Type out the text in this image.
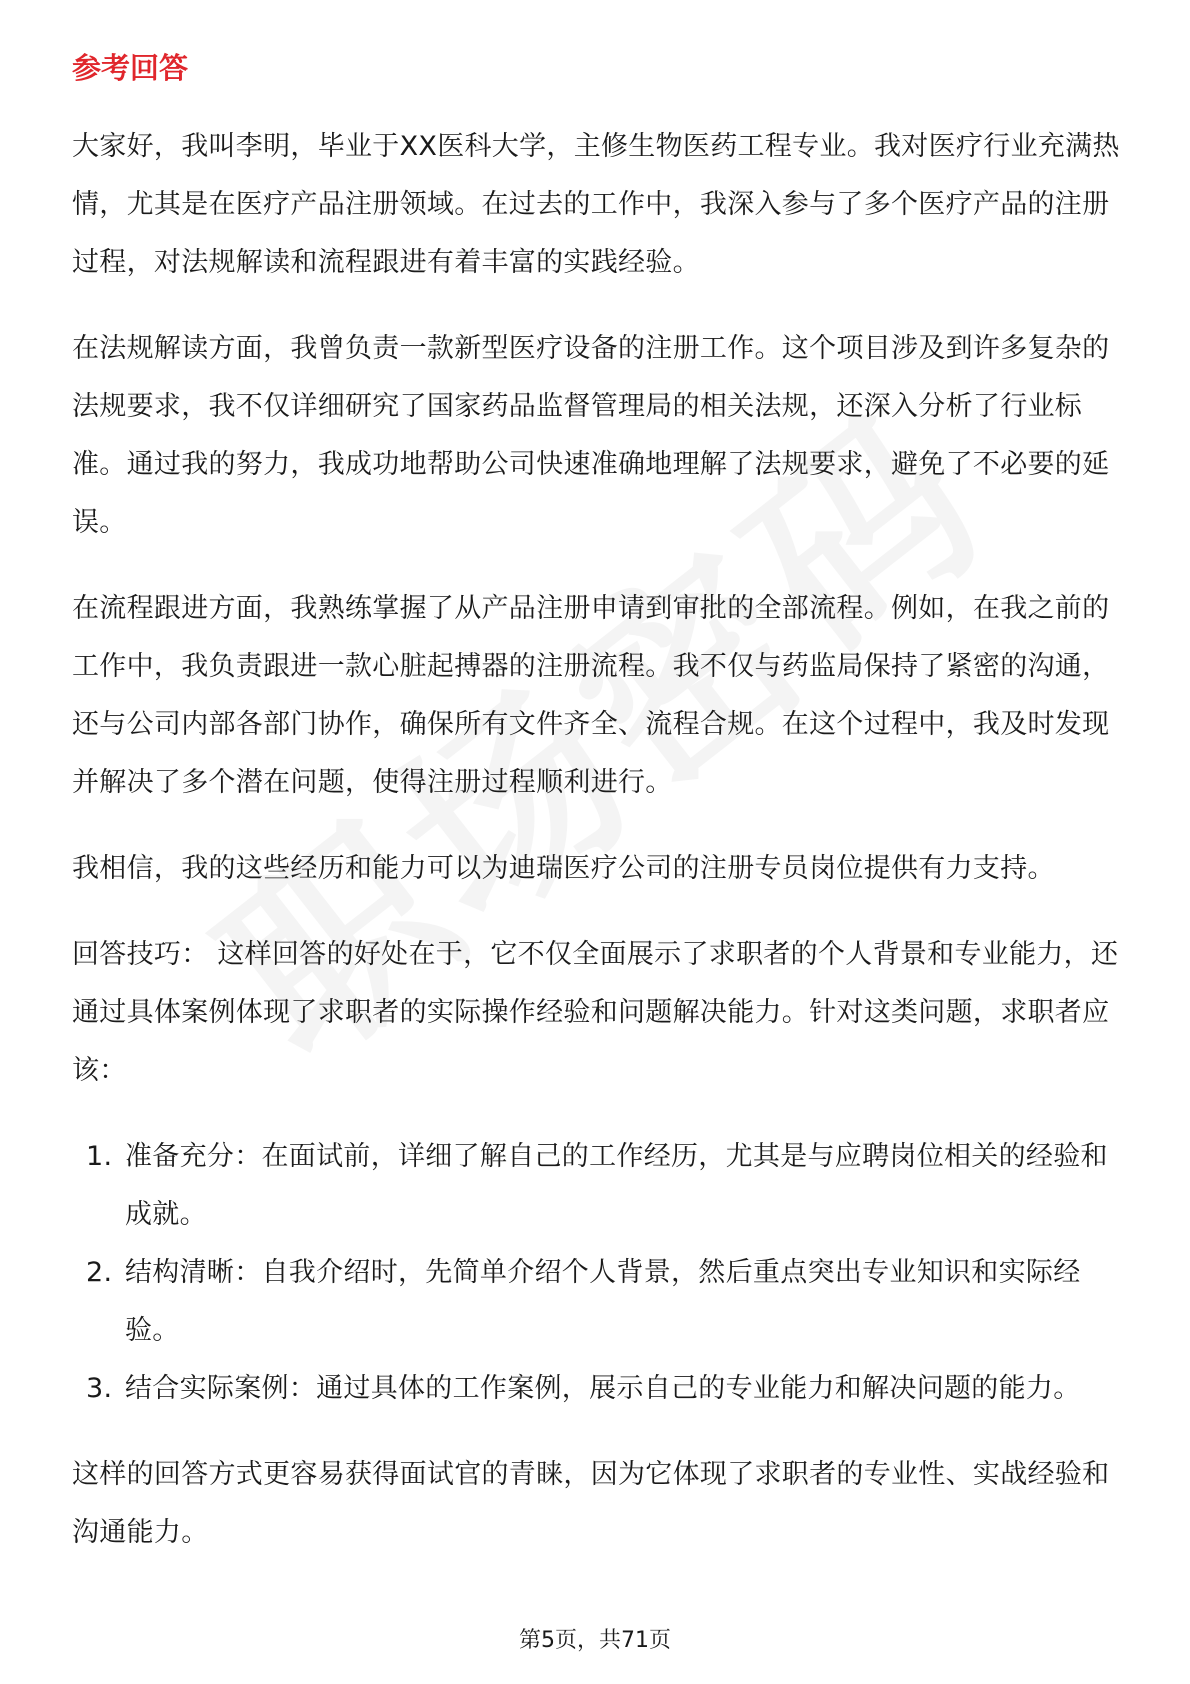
参考回答

大家好，我叫李明，毕业于XX医科大学，主修生物医药工程专业。我对医疗行业充满热情，尤其是在医疗产品注册领域。在过去的工作中，我深入参与了多个医疗产品的注册过程，对法规解读和流程跟进有着丰富的实践经验。

在法规解读方面，我曾负责一款新型医疗设备的注册工作。这个项目涉及到许多复杂的法规要求，我不仅详细研究了国家药品监督管理局的相关法规，还深入分析了行业标准。通过我的努力，我成功地帮助公司快速准确地理解了法规要求，避免了不必要的延误。

在流程跟进方面，我熟练掌握了从产品注册申请到审批的全部流程。例如，在我之前的工作中，我负责跟进一款心脏起搏器的注册流程。我不仅与药监局保持了紧密的沟通，还与公司内部各部门协作，确保所有文件齐全、流程合规。在这个过程中，我及时发现并解决了多个潜在问题，使得注册过程顺利进行。

我相信，我的这些经历和能力可以为迪瑞医疗公司的注册专员岗位提供有力支持。

回答技巧： 这样回答的好处在于，它不仅全面展示了求职者的个人背景和专业能力，还通过具体案例体现了求职者的实际操作经验和问题解决能力。针对这类问题，求职者应该：

1. 准备充分：在面试前，详细了解自己的工作经历，尤其是与应聘岗位相关的经验和成就。
2. 结构清晰：自我介绍时，先简单介绍个人背景，然后重点突出专业知识和实际经验。
3. 结合实际案例：通过具体的工作案例，展示自己的专业能力和解决问题的能力。

这样的回答方式更容易获得面试官的青睐，因为它体现了求职者的专业性、实战经验和沟通能力。

第5页，共71页
